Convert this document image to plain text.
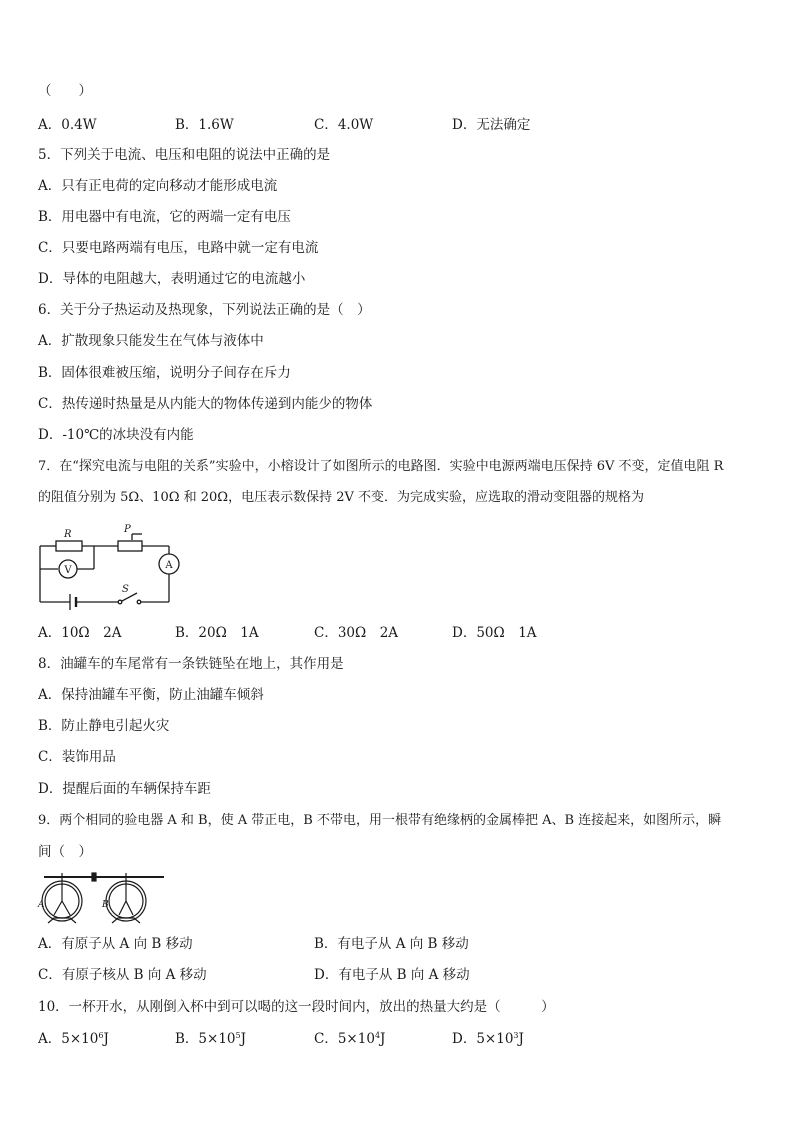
（　　）
A．0.4W	B．1.6W	C．4.0W	D．无法确定
5．下列关于电流、电压和电阻的说法中正确的是
A．只有正电荷的定向移动才能形成电流
B．用电器中有电流，它的两端一定有电压
C．只要电路两端有电压，电路中就一定有电流
D．导体的电阻越大，表明通过它的电流越小
6．关于分子热运动及热现象，下列说法正确的是（　）
A．扩散现象只能发生在气体与液体中
B．固体很难被压缩，说明分子间存在斥力
C．热传递时热量是从内能大的物体传递到内能少的物体
D．-10℃的冰块没有内能
7．在“探究电流与电阻的关系”实验中，小榕设计了如图所示的电路图．实验中电源两端电压保持 6V 不变，定值电阻 R
的阻值分别为 5Ω、10Ω 和 20Ω，电压表示数保持 2V 不变．为完成实验，应选取的滑动变阻器的规格为
R	P
S
V	A
A．10Ω　2A	B．20Ω　1A	C．30Ω　2A	D．50Ω　1A
8．油罐车的车尾常有一条铁链坠在地上，其作用是
A．保持油罐车平衡，防止油罐车倾斜
B．防止静电引起火灾
C．装饰用品
D．提醒后面的车辆保持车距
9．两个相同的验电器 A 和 B，使 A 带正电，B 不带电，用一根带有绝缘柄的金属棒把 A、B 连接起来，如图所示，瞬
间（　）
A	B
A．有原子从 A 向 B 移动	B．有电子从 A 向 B 移动
C．有原子核从 B 向 A 移动	D．有电子从 B 向 A 移动
10．一杯开水，从刚倒入杯中到可以喝的这一段时间内，放出的热量大约是（　　　）
A．$5\times 10^6J$	B．$5\times 10^5J$	C．$5\times 10^4J$	D．$5\times 10^3J$
